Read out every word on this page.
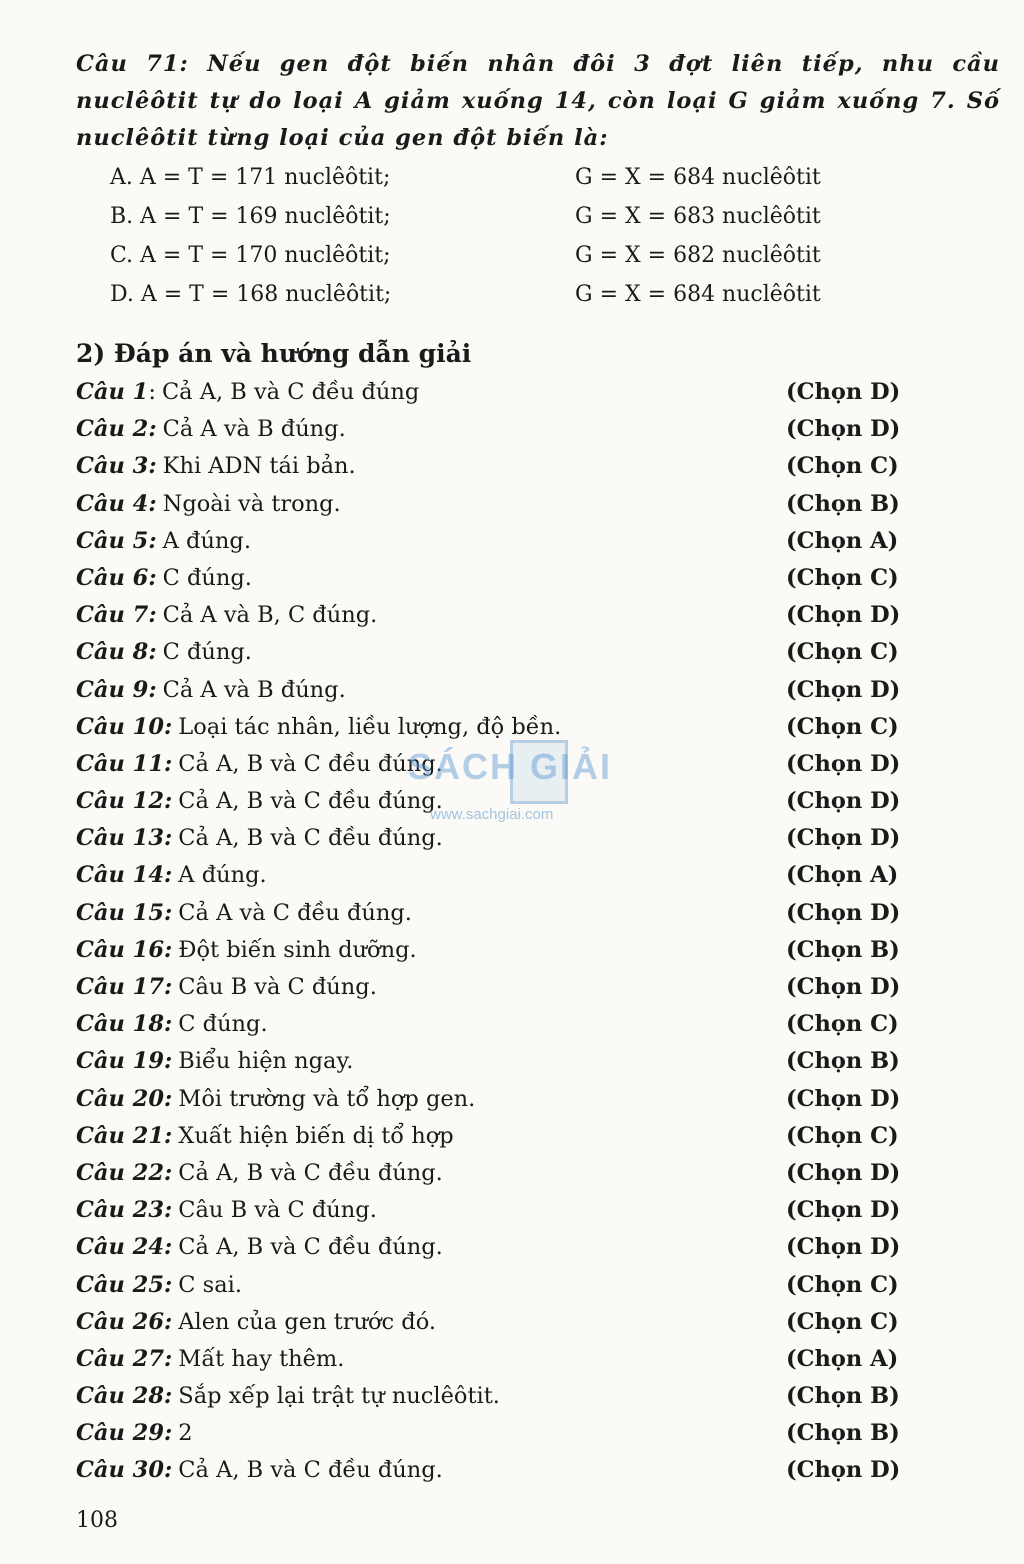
Câu 71: Nếu gen đột biến nhân đôi 3 đợt liên tiếp, nhu cầu nuclêôtit tự do loại A giảm xuống 14, còn loại G giảm xuống 7. Số nuclêôtit từng loại của gen đột biến là:
A. A = T = 171 nuclêôtit;	G = X = 684 nuclêôtit
B. A = T = 169 nuclêôtit;	G = X = 683 nuclêôtit
C. A = T = 170 nuclêôtit;	G = X = 682 nuclêôtit
D. A = T = 168 nuclêôtit;	G = X = 684 nuclêôtit
2) Đáp án và hướng dẫn giải
Câu 1: Cả A, B và C đều đúng	(Chọn D)
Câu 2: Cả A và B đúng.	(Chọn D)
Câu 3: Khi ADN tái bản.	(Chọn C)
Câu 4: Ngoài và trong.	(Chọn B)
Câu 5: A đúng.	(Chọn A)
Câu 6: C đúng.	(Chọn C)
Câu 7: Cả A và B, C đúng.	(Chọn D)
Câu 8: C đúng.	(Chọn C)
Câu 9: Cả A và B đúng.	(Chọn D)
Câu 10: Loại tác nhân, liều lượng, độ bền.	(Chọn C)
Câu 11: Cả A, B và C đều đúng.	(Chọn D)
Câu 12: Cả A, B và C đều đúng.	(Chọn D)
Câu 13: Cả A, B và C đều đúng.	(Chọn D)
Câu 14: A đúng.	(Chọn A)
Câu 15: Cả A và C đều đúng.	(Chọn D)
Câu 16: Đột biến sinh dưỡng.	(Chọn B)
Câu 17: Câu B và C đúng.	(Chọn D)
Câu 18: C đúng.	(Chọn C)
Câu 19: Biểu hiện ngay.	(Chọn B)
Câu 20: Môi trường và tổ hợp gen.	(Chọn D)
Câu 21: Xuất hiện biến dị tổ hợp	(Chọn C)
Câu 22: Cả A, B và C đều đúng.	(Chọn D)
Câu 23: Câu B và C đúng.	(Chọn D)
Câu 24: Cả A, B và C đều đúng.	(Chọn D)
Câu 25: C sai.	(Chọn C)
Câu 26: Alen của gen trước đó.	(Chọn C)
Câu 27: Mất hay thêm.	(Chọn A)
Câu 28: Sắp xếp lại trật tự nuclêôtit.	(Chọn B)
Câu 29: 2	(Chọn B)
Câu 30: Cả A, B và C đều đúng.	(Chọn D)
108
SÁCH GIẢI
www.sachgiai.com
